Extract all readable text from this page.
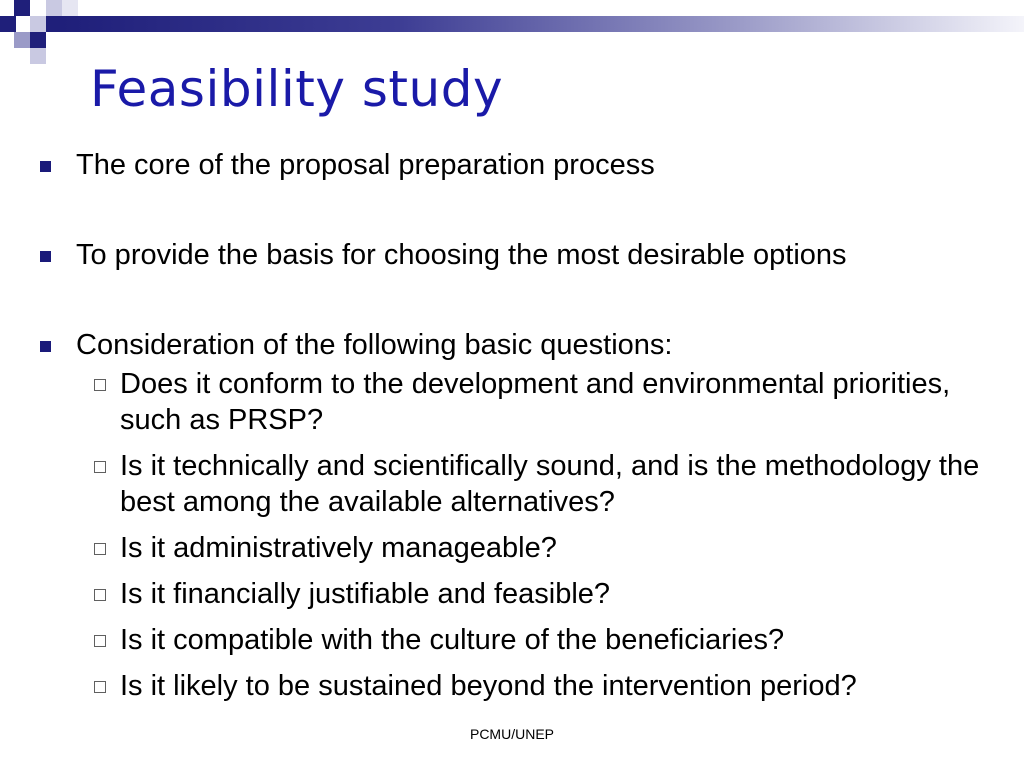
Feasibility study
The core of the proposal preparation process
To provide the basis for choosing the most desirable options
Consideration of the following basic questions:
Does it conform to the development and environmental priorities, such as PRSP?
Is it technically and scientifically sound, and is the methodology the best among the available alternatives?
Is it administratively manageable?
Is it financially justifiable and feasible?
Is it compatible with the culture of the beneficiaries?
Is it likely to be sustained beyond the intervention period?
PCMU/UNEP
